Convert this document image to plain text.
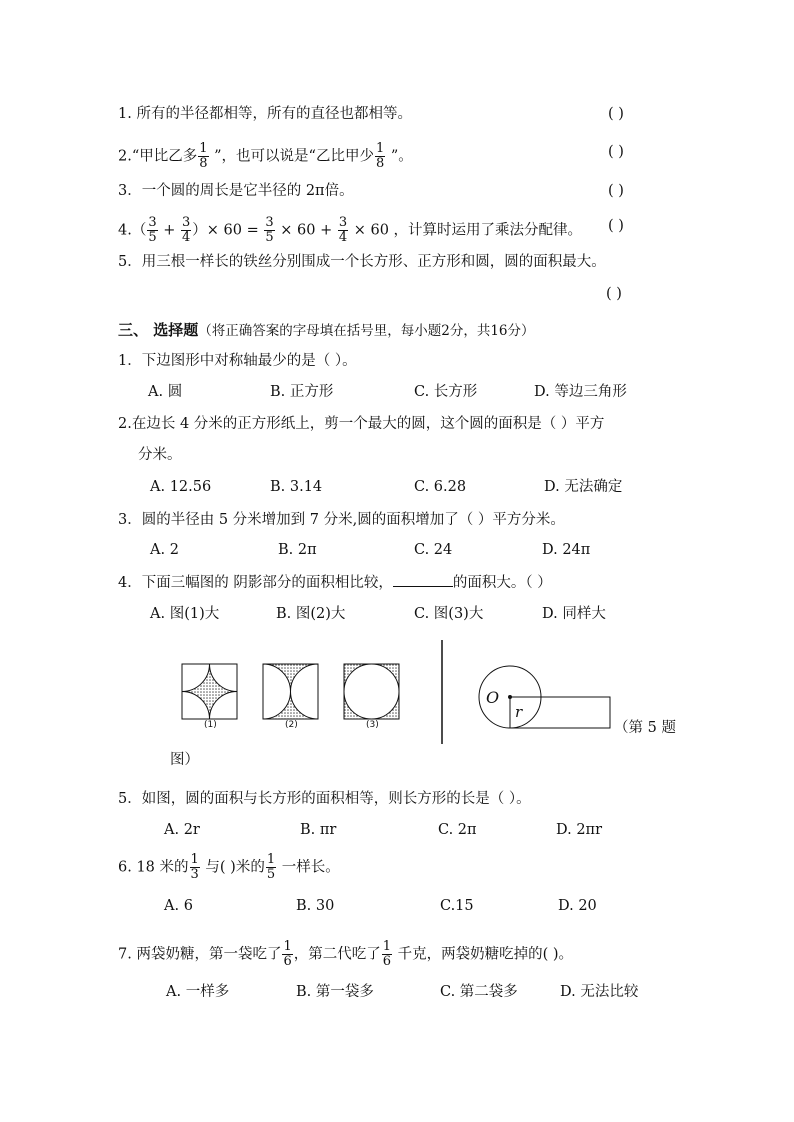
1. 所有的半径都相等，所有的直径也都相等。	( )
2.“甲比乙多 $\frac{1}{8}$ ”，也可以说是“乙比甲少 $\frac{1}{8}$ ”。	( )
3．一个圆的周长是它半径的 2π倍。	( )
$4.( \frac{3}{5} + \frac{3}{4}$ ）× $60 = \frac{3}{5} \times 60 + \frac{3}{4} \times 60$ ，计算时运用了乘法分配律。 ( )
5．用三根一样长的铁丝分别围成一个长方形、正方形和圆，圆的面积最大。
( )
三、 选择题（将正确答案的字母填在括号里，每小题2分，共16分）
1．下边图形中对称轴最少的是（ ）。
A. 圆	B. 正方形	C. 长方形	D. 等边三角形
2.在边长 4 分米的正方形纸上，剪一个最大的圆，这个圆的面积是（ ）平方
分米。
A. 12.56	B. 3.14	C. 6.28	D. 无法确定
3．圆的半径由 5 分米增加到 7 分米,圆的面积增加了（ ）平方分米。
A. 2	B. 2π	C. 24	D. 24π
4．下面三幅图的 阴影部分的面积相比较，	的面积大。（ ）
A. 图(1)大	B. 图(2)大	C. 图(3)大	D. 同样大
(1)	(2)	(3)
O
r
（第 5 题
图）
5．如图，圆的面积与长方形的面积相等，则长方形的长是（ ）。
A. 2r	B. πr	C. 2π	D. 2πr
6. 18 米的 $\frac{1}{3}$ 与( )米的 $\frac{1}{5}$ 一样长。
A. 6	B. 30	C.15	D. 20
7. 两袋奶糖，第一袋吃了 $\frac{1}{6}$ ，第二代吃了 $\frac{1}{6}$ 千克，两袋奶糖吃掉的( )。
A. 一样多	B. 第一袋多	C. 第二袋多	D. 无法比较
